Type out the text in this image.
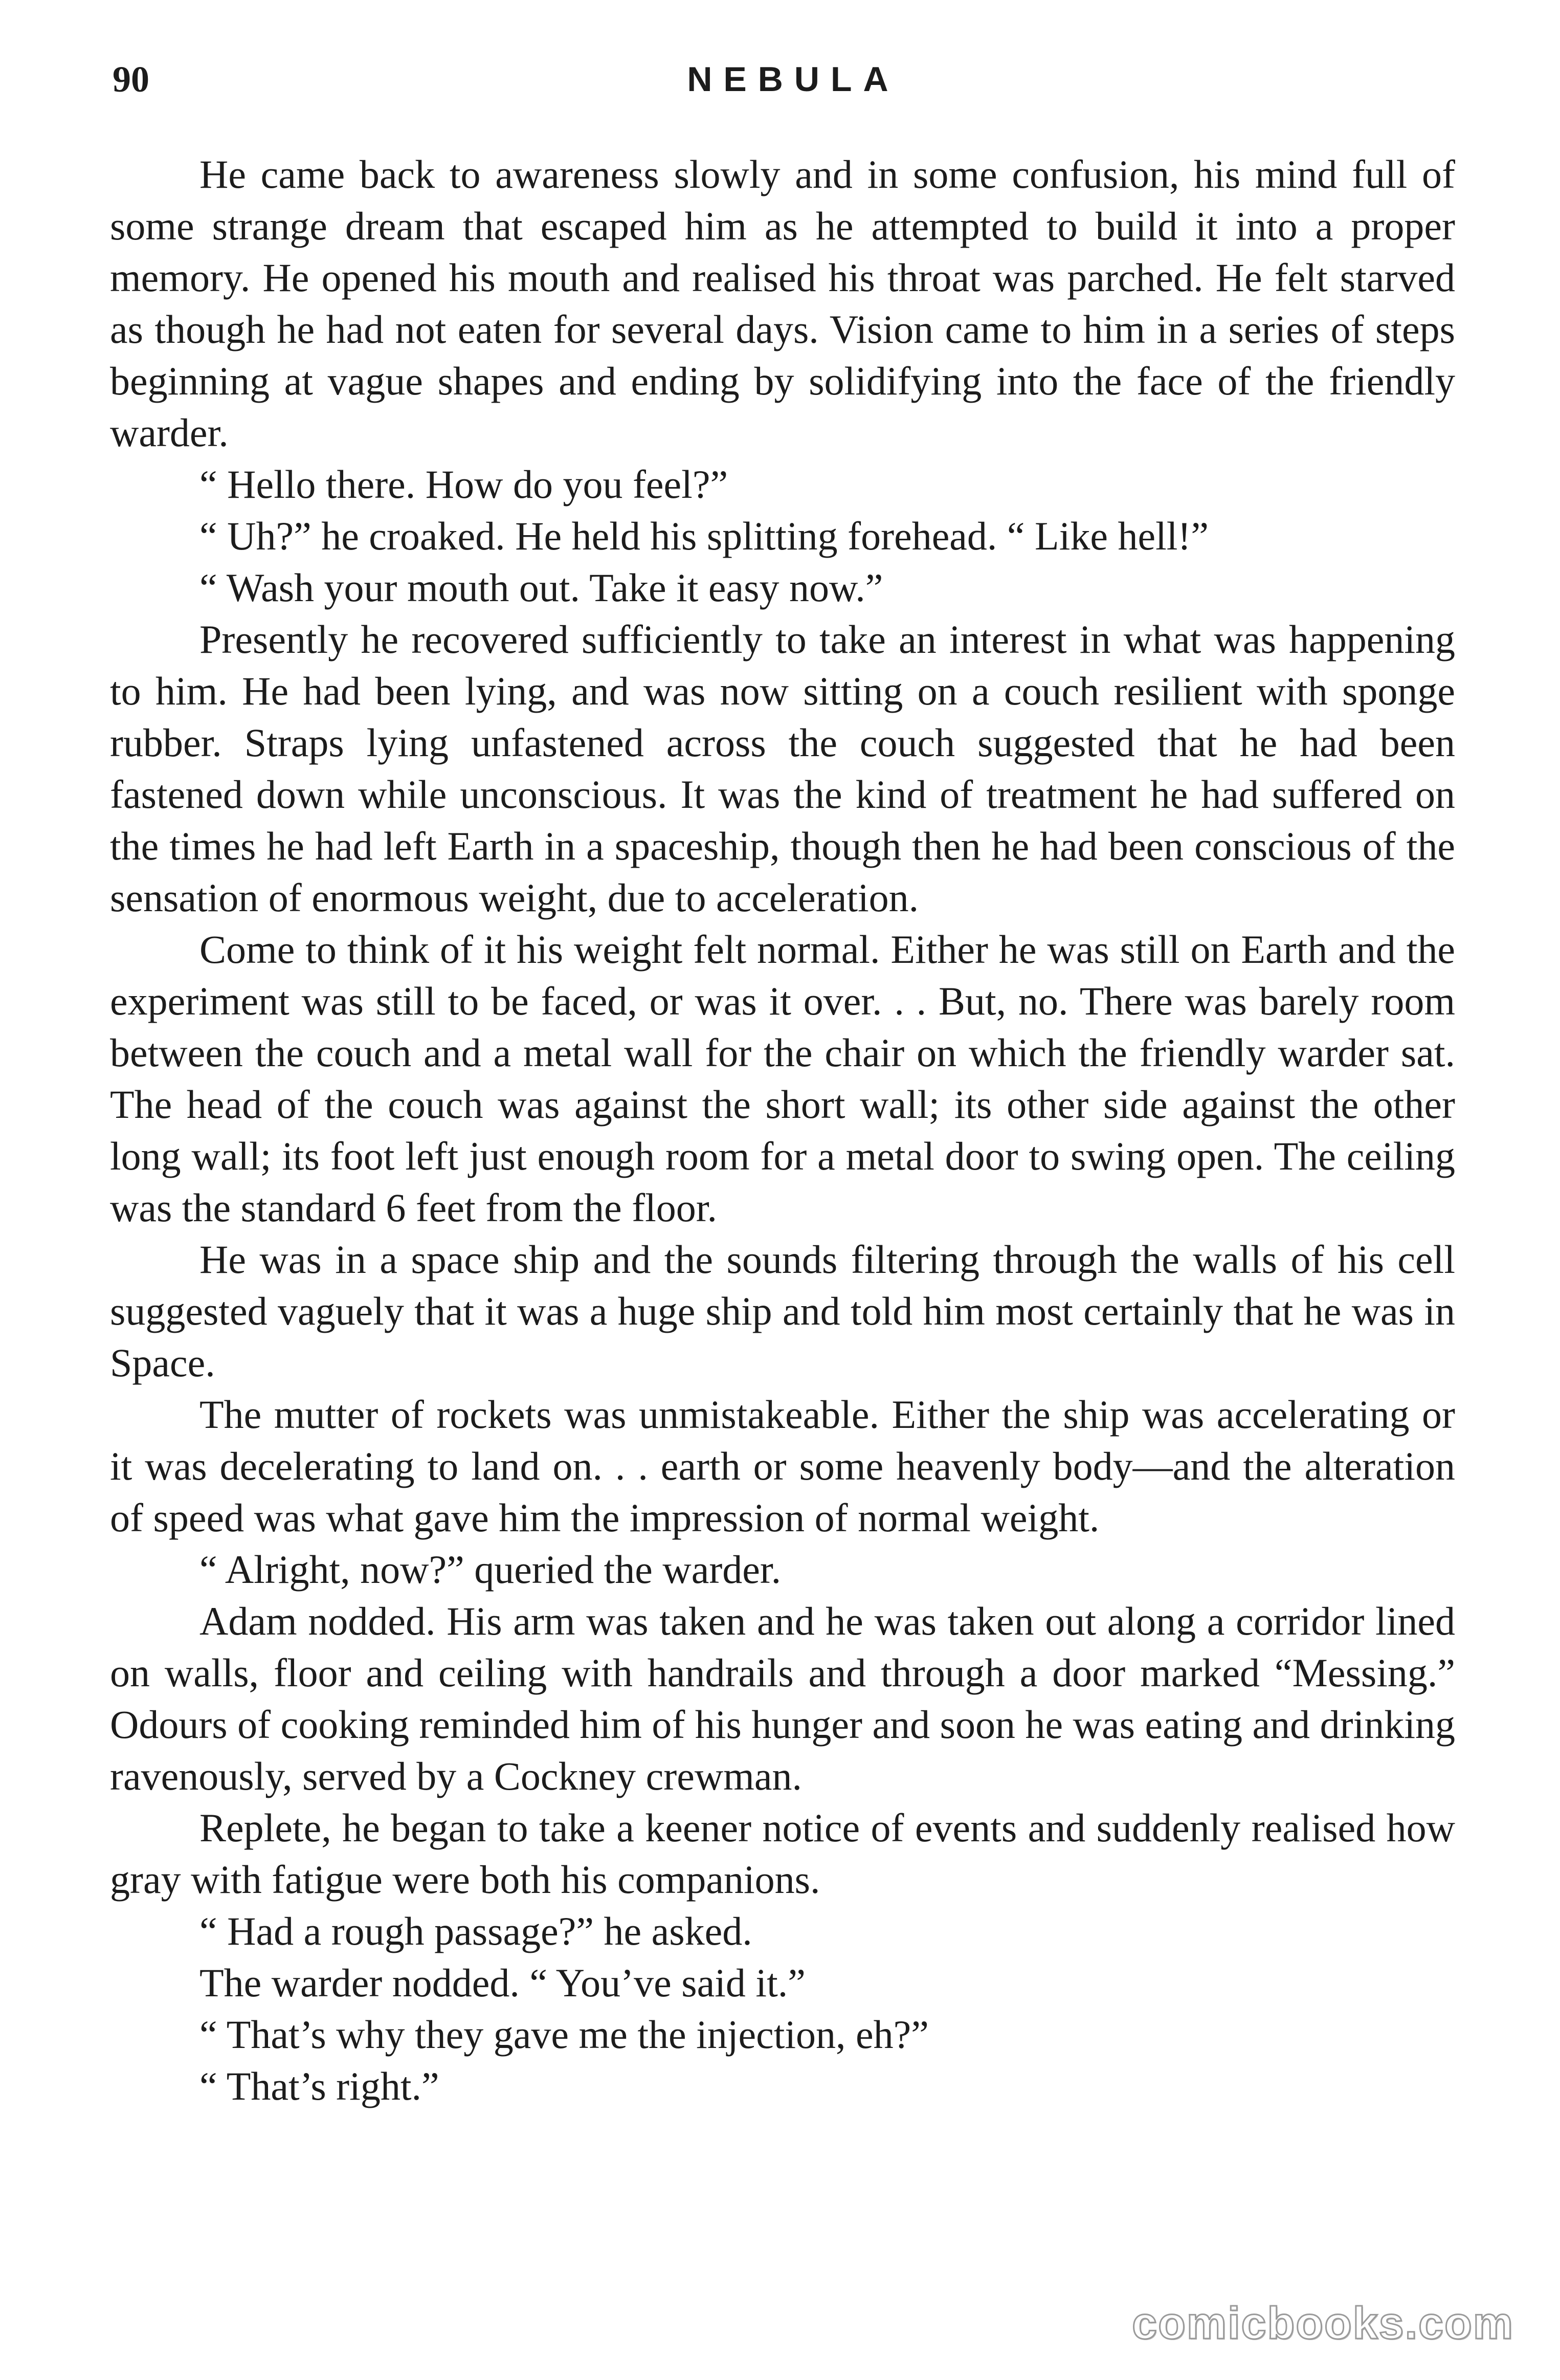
90	NEBULA

He came back to awareness slowly and in some confusion, his mind full of some strange dream that escaped him as he attempted to build it into a proper memory. He opened his mouth and realised his throat was parched. He felt starved as though he had not eaten for several days. Vision came to him in a series of steps beginning at vague shapes and ending by solidifying into the face of the friendly warder.

“ Hello there. How do you feel?”

“ Uh?” he croaked. He held his splitting forehead. “ Like hell!”

“ Wash your mouth out. Take it easy now.”

Presently he recovered sufficiently to take an interest in what was happening to him. He had been lying, and was now sitting on a couch resilient with sponge rubber. Straps lying unfastened across the couch suggested that he had been fastened down while unconscious. It was the kind of treatment he had suffered on the times he had left Earth in a spaceship, though then he had been conscious of the sensation of enormous weight, due to acceleration.

Come to think of it his weight felt normal. Either he was still on Earth and the experiment was still to be faced, or was it over. . . But, no. There was barely room between the couch and a metal wall for the chair on which the friendly warder sat. The head of the couch was against the short wall; its other side against the other long wall; its foot left just enough room for a metal door to swing open. The ceiling was the standard 6 feet from the floor.

He was in a space ship and the sounds filtering through the walls of his cell suggested vaguely that it was a huge ship and told him most certainly that he was in Space.

The mutter of rockets was unmistakeable. Either the ship was accelerating or it was decelerating to land on. . . earth or some heavenly body—and the alteration of speed was what gave him the impression of normal weight.

“ Alright, now?” queried the warder.

Adam nodded. His arm was taken and he was taken out along a corridor lined on walls, floor and ceiling with handrails and through a door marked “Messing.” Odours of cooking reminded him of his hunger and soon he was eating and drinking ravenously, served by a Cockney crewman.

Replete, he began to take a keener notice of events and suddenly realised how gray with fatigue were both his companions.

“ Had a rough passage?” he asked.

The warder nodded. “ You’ve said it.”

“ That’s why they gave me the injection, eh?”

“ That’s right.”

comicbooks.com
